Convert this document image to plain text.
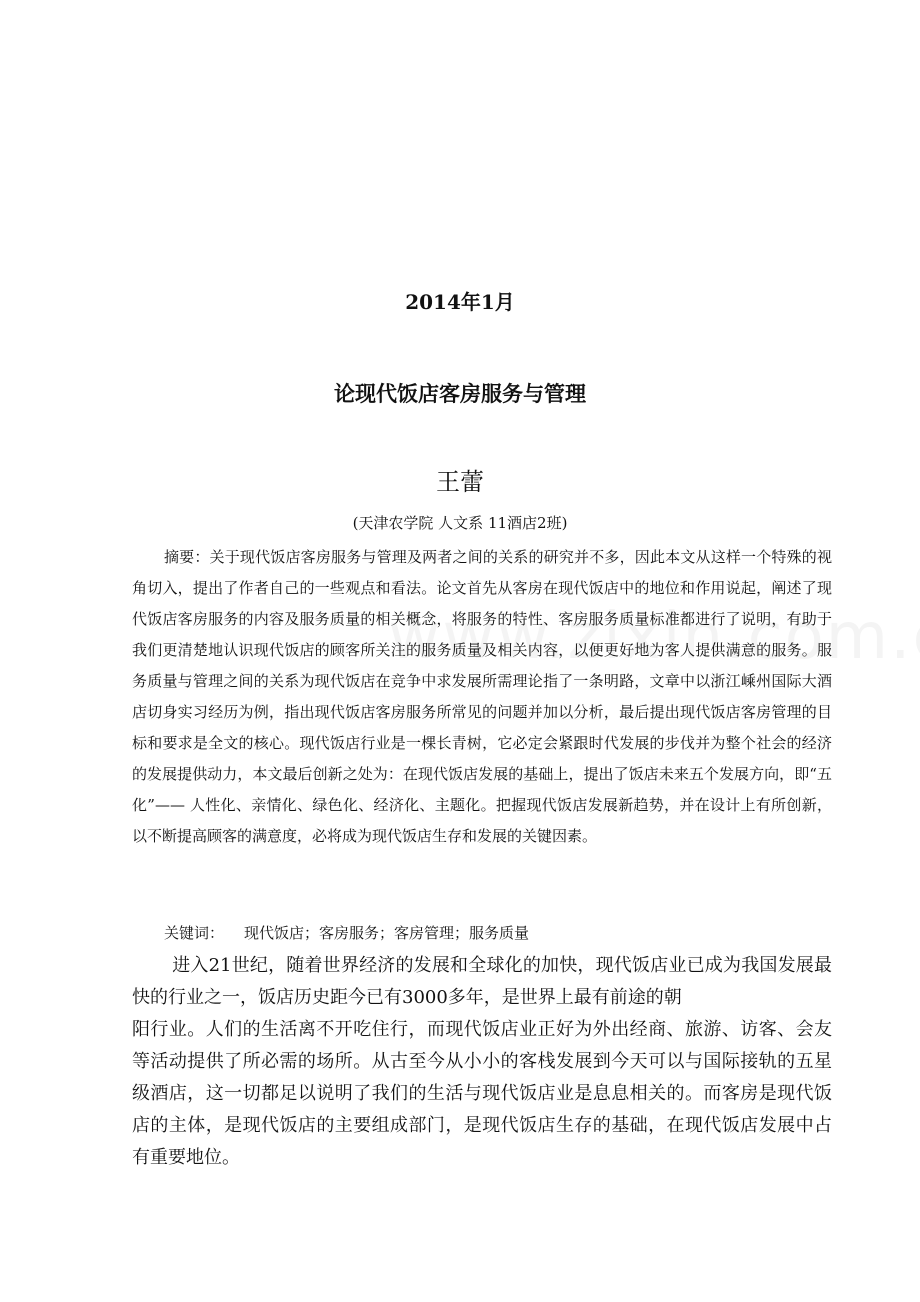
2014年1月
论现代饭店客房服务与管理
王蕾
(天津农学院 人文系 11酒店2班)

摘要：关于现代饭店客房服务与管理及两者之间的关系的研究并不多，因此本文从这样一个特殊的视角切入，提出了作者自己的一些观点和看法。论文首先从客房在现代饭店中的地位和作用说起，阐述了现代饭店客房服务的内容及服务质量的相关概念，将服务的特性、客房服务质量标准都进行了说明，有助于我们更清楚地认识现代饭店的顾客所关注的服务质量及相关内容，以便更好地为客人提供满意的服务。服务质量与管理之间的关系为现代饭店在竞争中求发展所需理论指了一条明路，文章中以浙江嵊州国际大酒店切身实习经历为例，指出现代饭店客房服务所常见的问题并加以分析，最后提出现代饭店客房管理的目标和要求是全文的核心。现代饭店行业是一棵长青树，它必定会紧跟时代发展的步伐并为整个社会的经济的发展提供动力，本文最后创新之处为：在现代饭店发展的基础上，提出了饭店未来五个发展方向，即“五化”—— 人性化、亲情化、绿色化、经济化、主题化。把握现代饭店发展新趋势，并在设计上有所创新，以不断提高顾客的满意度，必将成为现代饭店生存和发展的关键因素。

关键词： 现代饭店；客房服务；客房管理；服务质量

进入21世纪，随着世界经济的发展和全球化的加快，现代饭店业已成为我国发展最快的行业之一，饭店历史距今已有3000多年，是世界上最有前途的朝
阳行业。人们的生活离不开吃住行，而现代饭店业正好为外出经商、旅游、访客、会友等活动提供了所必需的场所。从古至今从小小的客栈发展到今天可以与国际接轨的五星级酒店，这一切都足以说明了我们的生活与现代饭店业是息息相关的。而客房是现代饭店的主体，是现代饭店的主要组成部门，是现代饭店生存的基础，在现代饭店发展中占有重要地位。
